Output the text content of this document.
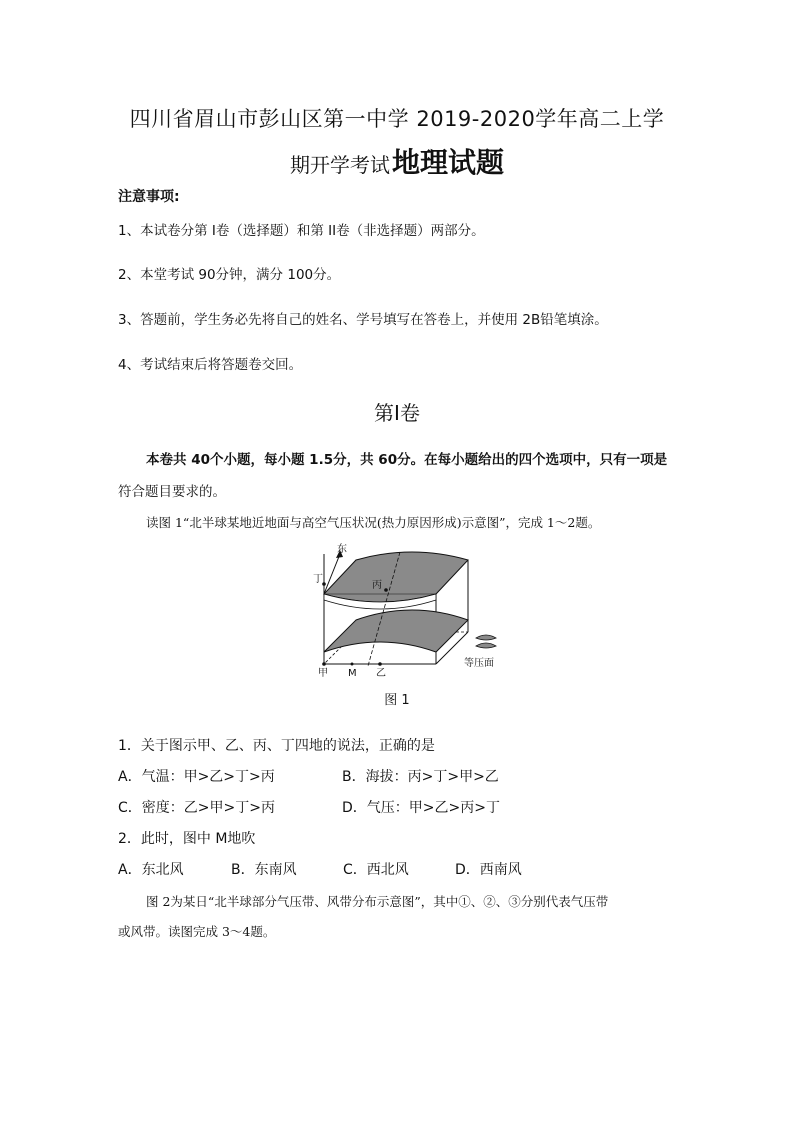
四川省眉山市彭山区第一中学 2019-2020学年高二上学
期开学考试地理试题
注意事项:
1、本试卷分第 I卷（选择题）和第 II卷（非选择题）两部分。
2、本堂考试 90分钟，满分 100分。
3、答题前，学生务必先将自己的姓名、学号填写在答卷上，并使用 2B铅笔填涂。
4、考试结束后将答题卷交回。
第Ⅰ卷
本卷共 40个小题，每小题 1.5分，共 60分。在每小题给出的四个选项中，只有一项是
符合题目要求的。
读图 1“北半球某地近地面与高空气压状况(热力原因形成)示意图”，完成 1～2题。
东
丁
丙
甲 M 乙
等压面
图 1
1．关于图示甲、乙、丙、丁四地的说法，正确的是
A．气温：甲>乙>丁>丙	B．海拔：丙>丁>甲>乙
C．密度：乙>甲>丁>丙	D．气压：甲>乙>丙>丁
2．此时，图中 M地吹
A．东北风	B．东南风	C．西北风	D．西南风
图 2为某日“北半球部分气压带、风带分布示意图”，其中①、②、③分别代表气压带
或风带。读图完成 3～4题。
